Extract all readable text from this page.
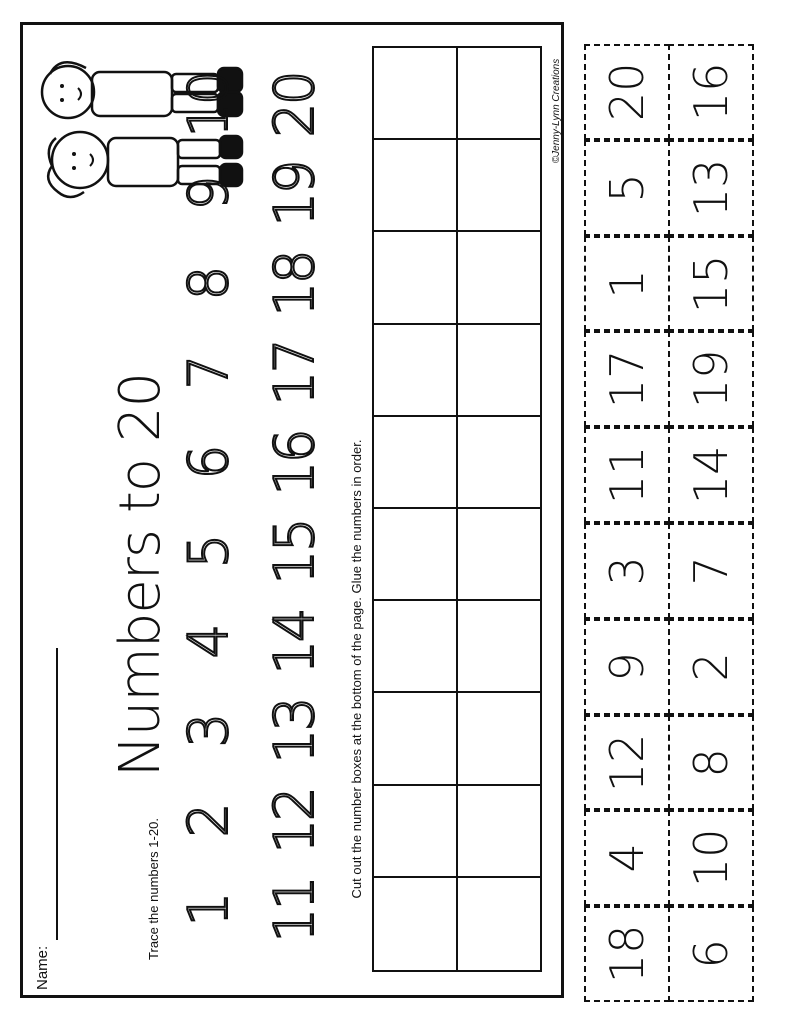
Name:
Numbers to 20
Trace the numbers 1-20. 1
2
3
4
5
6
7
8
9
10
11
12
13
14
15
16
17
18
19
20
Cut out the number boxes at the bottom of the page. Glue the numbers in order.
©Jenny-Lynn Creations
18
4
12
9
3
11
17
1
5
20
6
10
8
2
7
14
19
15
13
16
